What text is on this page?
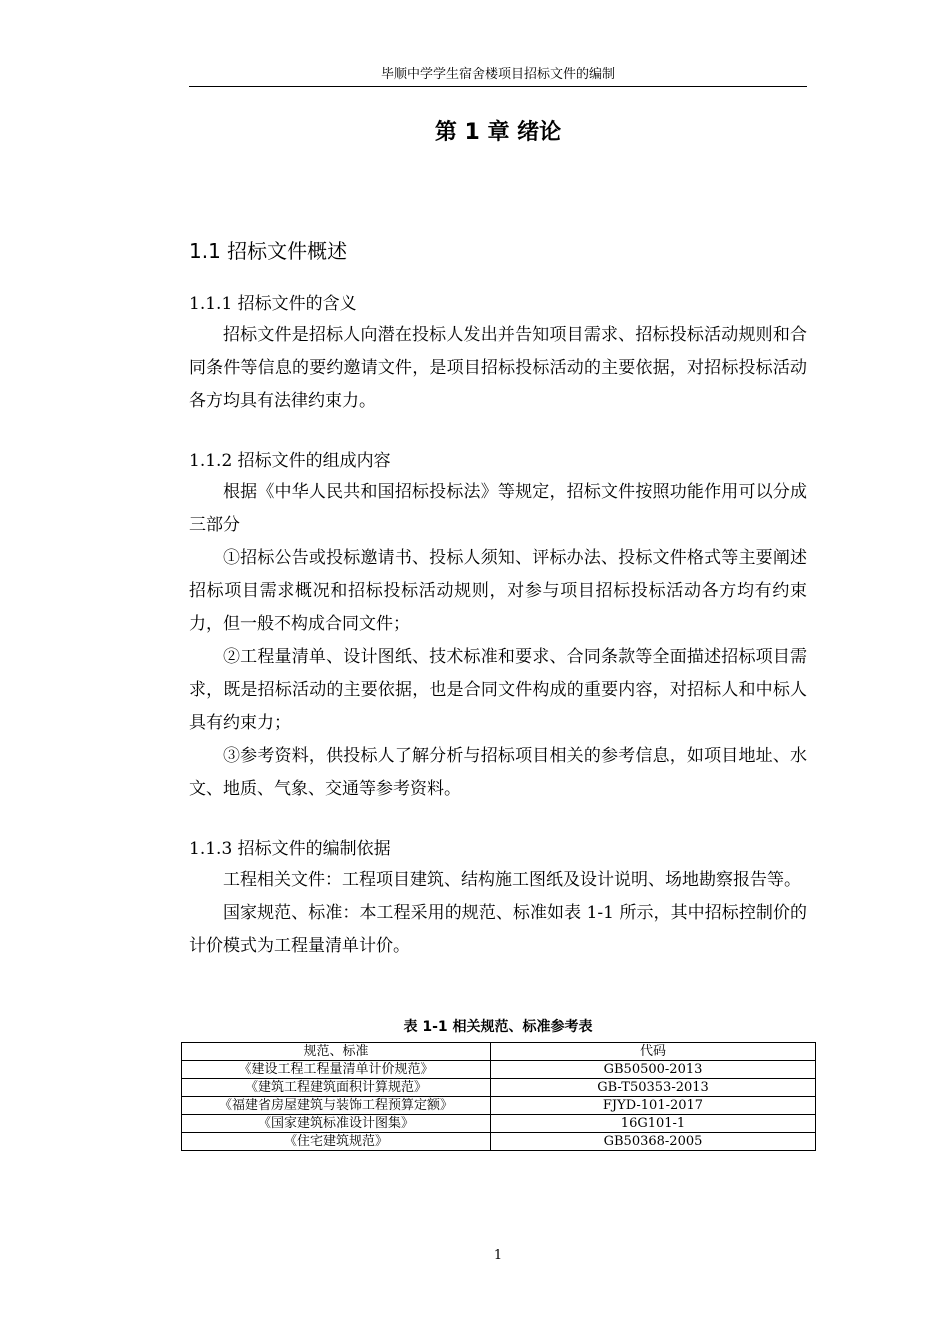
毕顺中学学生宿舍楼项目招标文件的编制
第 1 章 绪论
1.1 招标文件概述
1.1.1 招标文件的含义

招标文件是招标人向潜在投标人发出并告知项目需求、招标投标活动规则和合同条件等信息的要约邀请文件，是项目招标投标活动的主要依据，对招标投标活动各方均具有法律约束力。

1.1.2 招标文件的组成内容

根据《中华人民共和国招标投标法》等规定，招标文件按照功能作用可以分成三部分

①招标公告或投标邀请书、投标人须知、评标办法、投标文件格式等主要阐述招标项目需求概况和招标投标活动规则，对参与项目招标投标活动各方均有约束力，但一般不构成合同文件；

②工程量清单、设计图纸、技术标准和要求、合同条款等全面描述招标项目需求，既是招标活动的主要依据，也是合同文件构成的重要内容，对招标人和中标人具有约束力；

③参考资料，供投标人了解分析与招标项目相关的参考信息，如项目地址、水文、地质、气象、交通等参考资料。

1.1.3 招标文件的编制依据

工程相关文件：工程项目建筑、结构施工图纸及设计说明、场地勘察报告等。

国家规范、标准：本工程采用的规范、标准如表 1-1 所示，其中招标控制价的计价模式为工程量清单计价。

表 1-1 相关规范、标准参考表
规范、标准	代码
《建设工程工程量清单计价规范》	GB50500-2013
《建筑工程建筑面积计算规范》	GB-T50353-2013
《福建省房屋建筑与装饰工程预算定额》	FJYD-101-2017
《国家建筑标准设计图集》	16G101-1
《住宅建筑规范》	GB50368-2005
1
